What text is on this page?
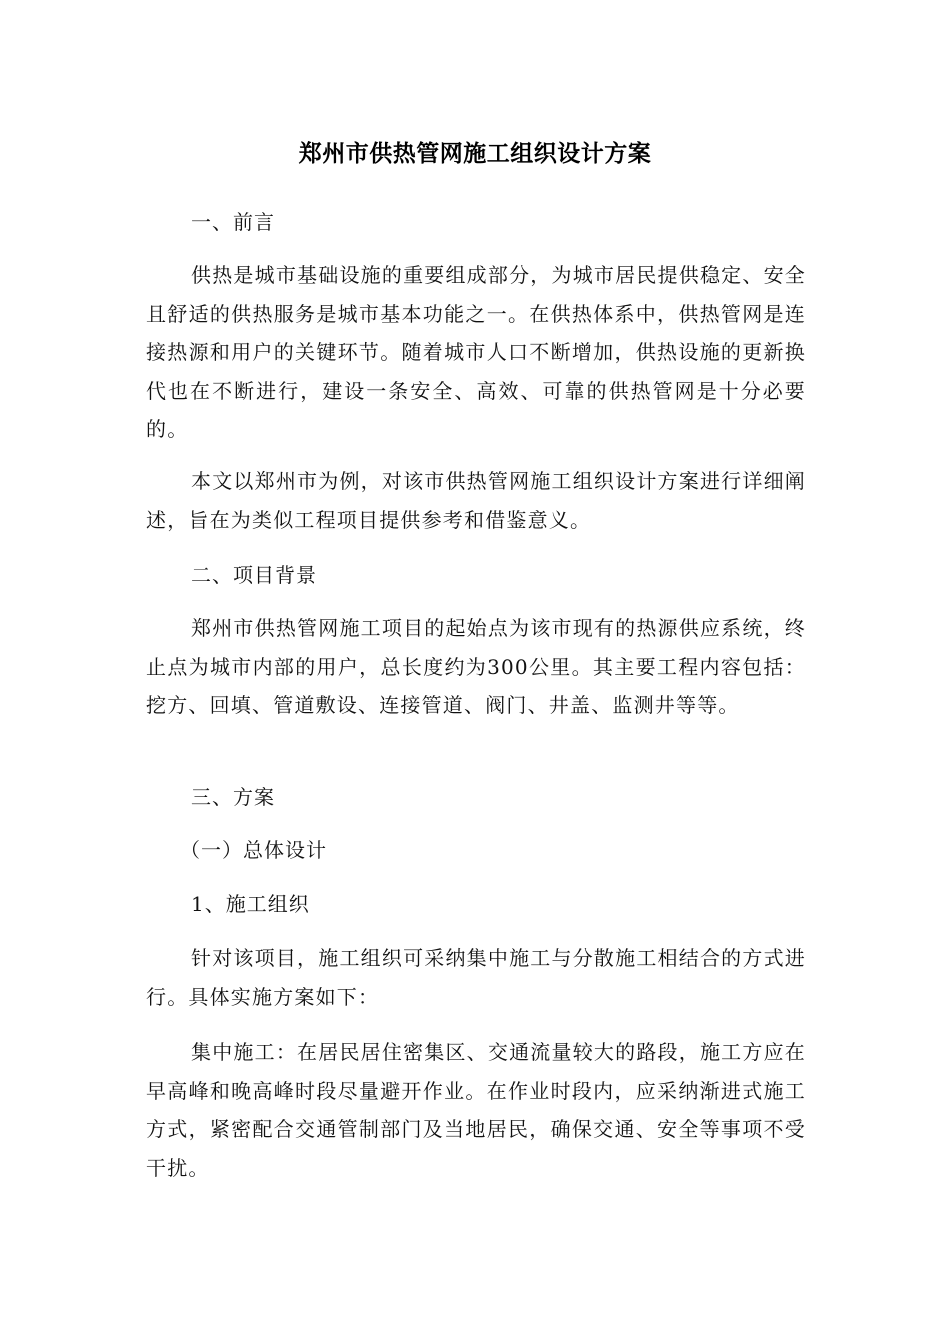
郑州市供热管网施工组织设计方案
一、前言
供热是城市基础设施的重要组成部分，为城市居民提供稳定、安全且舒适的供热服务是城市基本功能之一。在供热体系中，供热管网是连接热源和用户的关键环节。随着城市人口不断增加，供热设施的更新换代也在不断进行，建设一条安全、高效、可靠的供热管网是十分必要的。
本文以郑州市为例，对该市供热管网施工组织设计方案进行详细阐述，旨在为类似工程项目提供参考和借鉴意义。
二、项目背景
郑州市供热管网施工项目的起始点为该市现有的热源供应系统，终止点为城市内部的用户，总长度约为300公里。其主要工程内容包括：挖方、回填、管道敷设、连接管道、阀门、井盖、监测井等等。
三、方案
（一）总体设计
1、施工组织
针对该项目，施工组织可采纳集中施工与分散施工相结合的方式进行。具体实施方案如下：
集中施工：在居民居住密集区、交通流量较大的路段，施工方应在早高峰和晚高峰时段尽量避开作业。在作业时段内，应采纳渐进式施工方式，紧密配合交通管制部门及当地居民，确保交通、安全等事项不受干扰。
